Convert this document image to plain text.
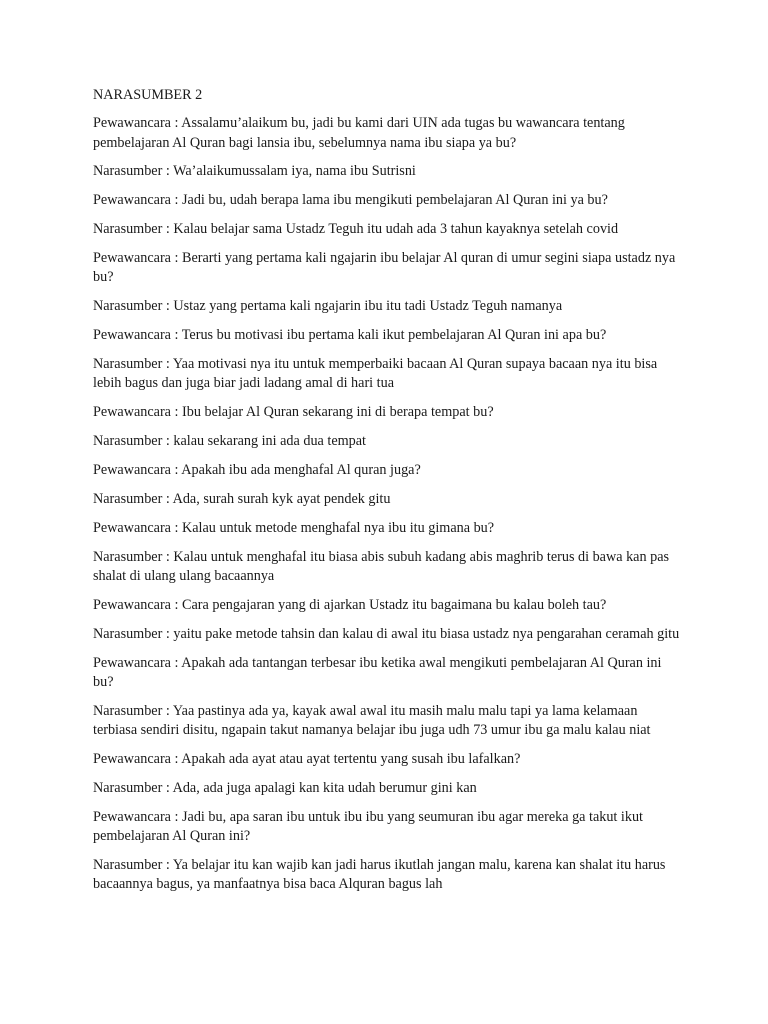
NARASUMBER 2
Pewawancara : Assalamu’alaikum bu, jadi bu kami dari UIN ada tugas bu wawancara tentang pembelajaran Al Quran bagi lansia ibu, sebelumnya nama ibu siapa ya bu?
Narasumber : Wa’alaikumussalam iya, nama ibu Sutrisni
Pewawancara : Jadi bu, udah berapa lama ibu mengikuti pembelajaran Al Quran ini ya bu?
Narasumber : Kalau belajar sama Ustadz Teguh itu udah ada 3 tahun kayaknya setelah covid
Pewawancara : Berarti yang pertama kali ngajarin ibu belajar Al quran di umur segini siapa ustadz nya bu?
Narasumber : Ustaz yang pertama kali ngajarin ibu itu tadi Ustadz Teguh namanya
Pewawancara : Terus bu motivasi ibu pertama kali ikut pembelajaran Al Quran ini apa bu?
Narasumber : Yaa motivasi nya itu untuk memperbaiki bacaan Al Quran supaya bacaan nya itu bisa lebih bagus dan juga biar jadi ladang amal di hari tua
Pewawancara : Ibu belajar Al Quran sekarang ini di berapa tempat bu?
Narasumber : kalau sekarang ini ada dua tempat
Pewawancara : Apakah ibu ada menghafal Al quran juga?
Narasumber : Ada, surah surah kyk ayat pendek gitu
Pewawancara : Kalau untuk metode menghafal nya ibu itu gimana bu?
Narasumber : Kalau untuk menghafal itu biasa abis subuh kadang abis maghrib terus di bawa kan pas shalat di ulang ulang bacaannya
Pewawancara : Cara pengajaran yang di ajarkan Ustadz itu bagaimana bu kalau boleh tau?
Narasumber : yaitu pake metode tahsin dan kalau di awal itu biasa ustadz nya pengarahan ceramah gitu
Pewawancara : Apakah ada tantangan terbesar ibu ketika awal mengikuti pembelajaran Al Quran ini bu?
Narasumber : Yaa pastinya ada ya, kayak awal awal itu masih malu malu tapi ya lama kelamaan terbiasa sendiri disitu, ngapain takut namanya belajar ibu juga udh 73 umur ibu ga malu kalau niat
Pewawancara : Apakah ada ayat atau ayat tertentu yang susah ibu lafalkan?
Narasumber : Ada, ada juga apalagi kan kita udah berumur gini kan
Pewawancara : Jadi bu, apa saran ibu untuk ibu ibu yang seumuran ibu agar mereka ga takut ikut pembelajaran Al Quran ini?
Narasumber : Ya belajar itu kan wajib kan jadi harus ikutlah jangan malu, karena kan shalat itu harus bacaannya bagus, ya manfaatnya bisa baca Alquran bagus lah
